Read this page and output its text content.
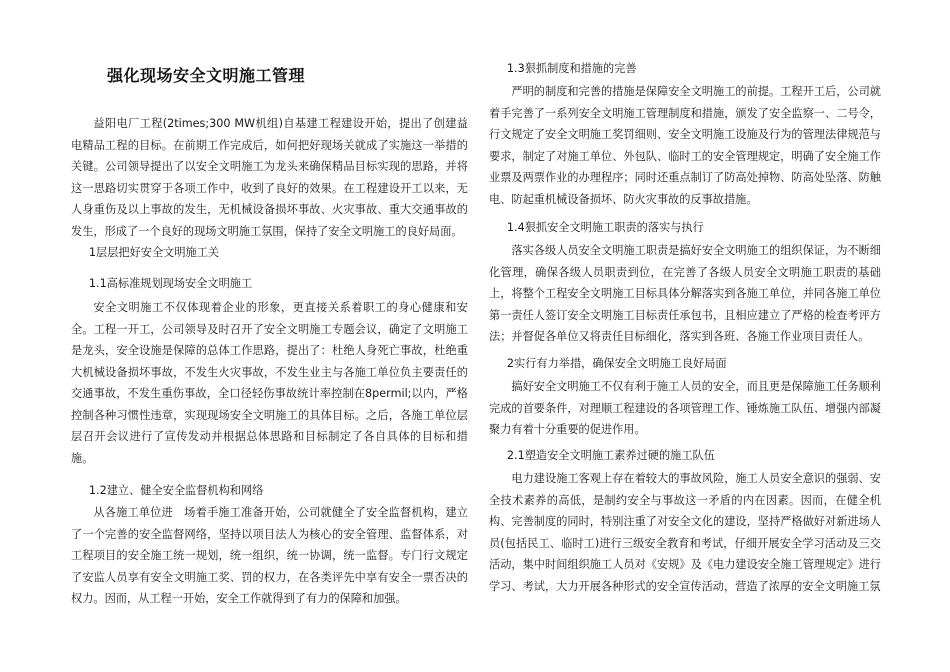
强化现场安全文明施工管理

益阳电厂工程(2times;300 MW机组)自基建工程建设开始，提出了创建益电精品工程的目标。在前期工作完成后，如何把好现场关就成了实施这一举措的关键。公司领导提出了以安全文明施工为龙头来确保精品目标实现的思路，并将这一思路切实贯穿于各项工作中，收到了良好的效果。在工程建设开工以来，无人身重伤及以上事故的发生，无机械设备损坏事故、火灾事故、重大交通事故的发生，形成了一个良好的现场文明施工氛围，保持了安全文明施工的良好局面。

1层层把好安全文明施工关

1.1高标准规划现场安全文明施工

安全文明施工不仅体现着企业的形象，更直接关系着职工的身心健康和安全。工程一开工，公司领导及时召开了安全文明施工专题会议，确定了文明施工是龙头，安全设施是保障的总体工作思路，提出了：杜绝人身死亡事故，杜绝重大机械设备损坏事故，不发生火灾事故，不发生业主与各施工单位负主要责任的交通事故，不发生重伤事故，全口径轻伤事故统计率控制在8permil;以内，严格控制各种习惯性违章，实现现场安全文明施工的具体目标。之后，各施工单位层层召开会议进行了宣传发动并根据总体思路和目标制定了各自具体的目标和措施。

1.2建立、健全安全监督机构和网络

从各施工单位进　场着手施工准备开始，公司就健全了安全监督机构，建立了一个完善的安全监督网络，坚持以项目法人为核心的安全管理、监督体系，对工程项目的安全施工统一规划，统一组织，统一协调，统一监督。专门行文规定了安监人员享有安全文明施工奖、罚的权力，在各类评先中享有安全一票否决的权力。因而，从工程一开始，安全工作就得到了有力的保障和加强。

1.3狠抓制度和措施的完善

严明的制度和完善的措施是保障安全文明施工的前提。工程开工后，公司就着手完善了一系列安全文明施工管理制度和措施，颁发了安全监察一、二号令，行文规定了安全文明施工奖罚细则、安全文明施工设施及行为的管理法律规范与要求，制定了对施工单位、外包队、临时工的安全管理规定，明确了安全施工作业票及两票作业的办理程序；同时还重点制订了防高处掉物、防高处坠落、防触电、防起重机械设备损坏、防火灾事故的反事故措施。

1.4狠抓安全文明施工职责的落实与执行

落实各级人员安全文明施工职责是搞好安全文明施工的组织保证，为不断细化管理，确保各级人员职责到位，在完善了各级人员安全文明施工职责的基础上，将整个工程安全文明施工目标具体分解落实到各施工单位，并同各施工单位第一责任人签订安全文明施工目标责任承包书，且相应建立了严格的检查考评方法；并督促各单位又将责任目标细化，落实到各班、各施工作业项目责任人。

2实行有力举措，确保安全文明施工良好局面

搞好安全文明施工不仅有利于施工人员的安全，而且更是保障施工任务顺利完成的首要条件，对理顺工程建设的各项管理工作、锤炼施工队伍、增强内部凝聚力有着十分重要的促进作用。

2.1塑造安全文明施工素养过硬的施工队伍

电力建设施工客观上存在着较大的事故风险，施工人员安全意识的强弱、安全技术素养的高低，是制约安全与事故这一矛盾的内在因素。因而，在健全机构、完善制度的同时，特别注重了对安全文化的建设，坚持严格做好对新进场人员(包括民工、临时工)进行三级安全教育和考试，仔细开展安全学习活动及三交活动，集中时间组织施工人员对《安规》及《电力建设安全施工管理规定》进行学习、考试，大力开展各种形式的安全宣传活动，营造了浓厚的安全文明施工氛
